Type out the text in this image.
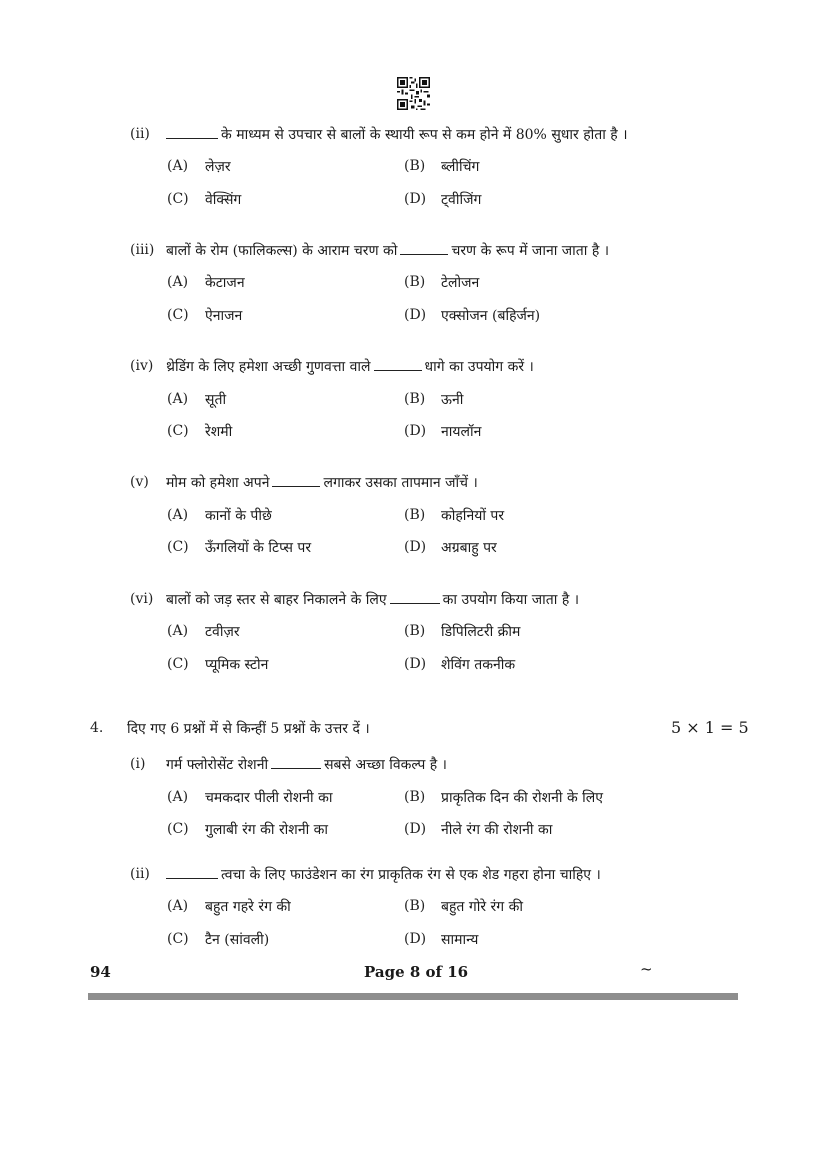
(ii)	के माध्यम से उपचार से बालों के स्थायी रूप से कम होने में 80% सुधार होता है ।
(A) लेज़र	(B) ब्लीचिंग
(C) वेक्सिंग	(D) ट्वीजिंग
(iii) बालों के रोम (फालिकल्स) के आराम चरण को	चरण के रूप में जाना जाता है ।
(A) केटाजन	(B) टेलोजन
(C) ऐनाजन	(D) एक्सोजन (बहिर्जन)
(iv) थ्रेडिंग के लिए हमेशा अच्छी गुणवत्ता वाले	धागे का उपयोग करें ।
(A) सूती	(B) ऊनी
(C) रेशमी	(D) नायलॉन
(v) मोम को हमेशा अपने	लगाकर उसका तापमान जाँचें ।
(A) कानों के पीछे	(B) कोहनियों पर
(C) ऊँगलियों के टिप्स पर	(D) अग्रबाहु पर
(vi) बालों को जड़ स्तर से बाहर निकालने के लिए	का उपयोग किया जाता है ।
(A) टवीज़र	(B) डिपिलिटरी क्रीम
(C) प्यूमिक स्टोन	(D) शेविंग तकनीक
4. दिए गए 6 प्रश्नों में से किन्हीं 5 प्रश्नों के उत्तर दें ।	5 × 1 = 5
(i) गर्म फ्लोरोसेंट रोशनी	सबसे अच्छा विकल्प है ।
(A) चमकदार पीली रोशनी का	(B) प्राकृतिक दिन की रोशनी के लिए
(C) गुलाबी रंग की रोशनी का	(D) नीले रंग की रोशनी का
(ii)	त्वचा के लिए फाउंडेशन का रंग प्राकृतिक रंग से एक शेड गहरा होना चाहिए ।
(A) बहुत गहरे रंग की	(B) बहुत गोरे रंग की
(C) टैन (सांवली)	(D) सामान्य
94	Page 8 of 16	~
